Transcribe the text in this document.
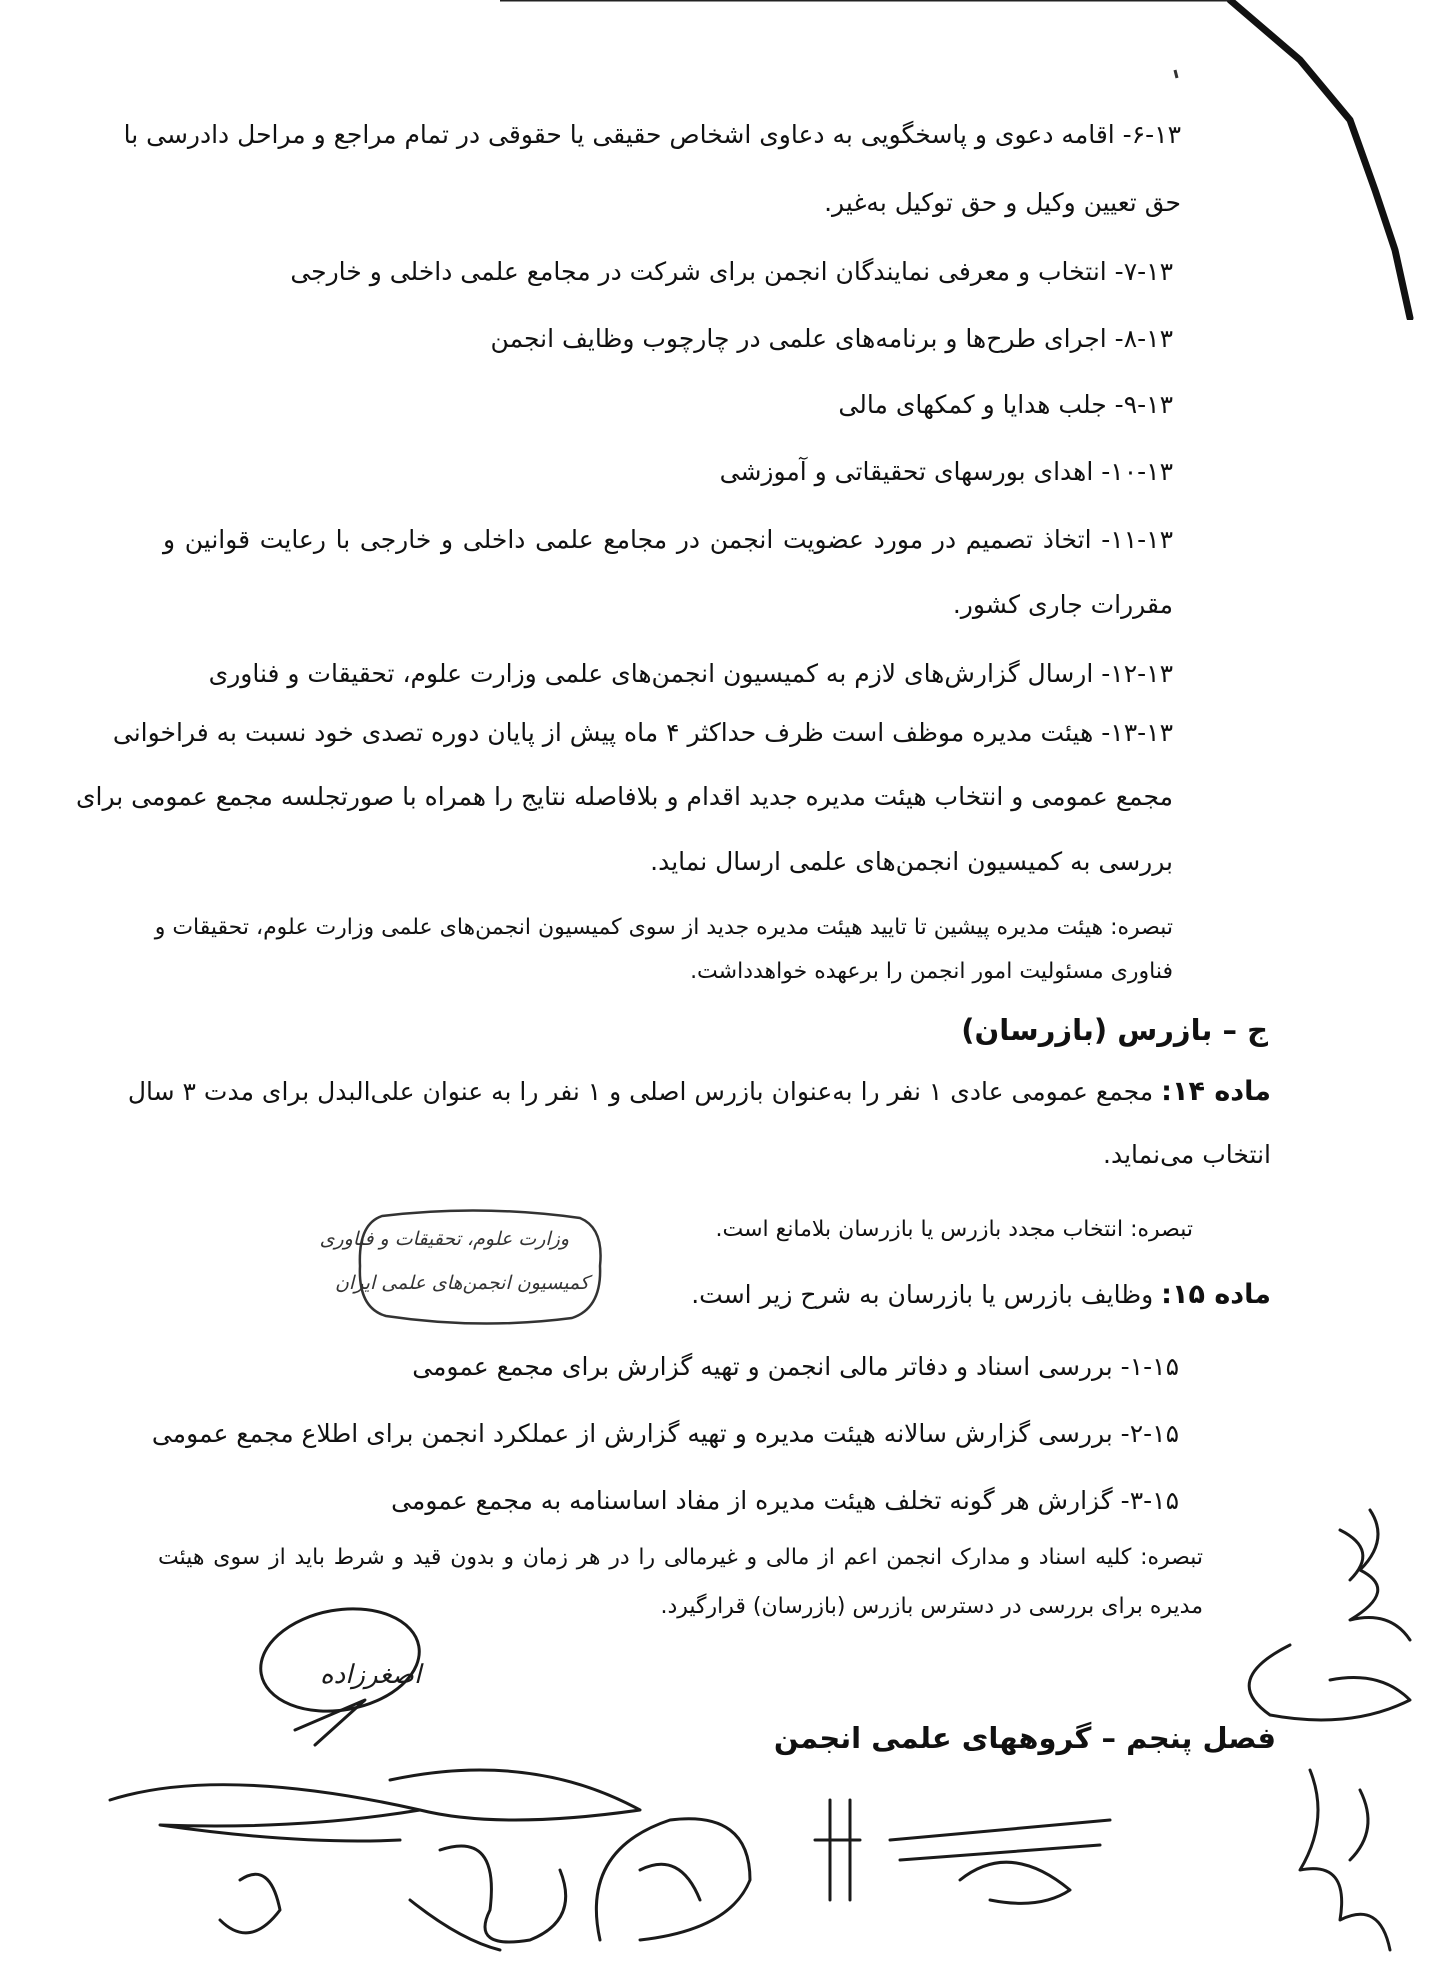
۶-۱۳- اقامه دعوی و پاسخگویی به دعاوی اشخاص حقیقی یا حقوقی در تمام مراجع و مراحل دادرسی با
حق تعیین وکیل و حق توکیل به‌غیر.
۷-۱۳- انتخاب و معرفی نمایندگان انجمن برای شرکت در مجامع علمی داخلی و خارجی
۸-۱۳- اجرای طرح‌ها و برنامه‌های علمی در چارچوب وظایف انجمن
۹-۱۳- جلب هدایا و کمکهای مالی
۱۰-۱۳- اهدای بورسهای تحقیقاتی و آموزشی
۱۱-۱۳- اتخاذ تصمیم در مورد عضویت انجمن در مجامع علمی داخلی و خارجی با رعایت قوانین و
مقررات جاری کشور.
۱۲-۱۳- ارسال گزارش‌های لازم به کمیسیون انجمن‌های علمی وزارت علوم، تحقیقات و فناوری
۱۳-۱۳- هیئت مدیره موظف است ظرف حداکثر ۴ ماه پیش از پایان دوره تصدی خود نسبت به فراخوانی
مجمع عمومی و انتخاب هیئت مدیره جدید اقدام و بلافاصله نتایج را همراه با صورتجلسه مجمع عمومی برای
بررسی به کمیسیون انجمن‌های علمی ارسال نماید.
تبصره: هیئت مدیره پیشین تا تایید هیئت مدیره جدید از سوی کمیسیون انجمن‌های علمی وزارت علوم، تحقیقات و
فناوری مسئولیت امور انجمن را برعهده خواهدداشت.
ج – بازرس (بازرسان)
ماده ۱۴: مجمع عمومی عادی ۱ نفر را به‌عنوان بازرس اصلی و ۱ نفر را به عنوان علی‌البدل برای مدت ۳ سال
انتخاب می‌نماید.
تبصره: انتخاب مجدد بازرس یا بازرسان بلامانع است.
وزارت علوم، تحقیقات و فناوری
کمیسیون انجمن‌های علمی ایران	ماده ۱۵: وظایف بازرس یا بازرسان به شرح زیر است.
۱-۱۵- بررسی اسناد و دفاتر مالی انجمن و تهیه گزارش برای مجمع عمومی
۲-۱۵- بررسی گزارش سالانه هیئت مدیره و تهیه گزارش از عملکرد انجمن برای اطلاع مجمع عمومی
۳-۱۵- گزارش هر گونه تخلف هیئت مدیره از مفاد اساسنامه به مجمع عمومی
تبصره: کلیه اسناد و مدارک انجمن اعم از مالی و غیرمالی را در هر زمان و بدون قید و شرط باید از سوی هیئت
مدیره برای بررسی در دسترس بازرس (بازرسان) قرارگیرد.
فصل پنجم – گروههای علمی انجمن
اصغرزاده
